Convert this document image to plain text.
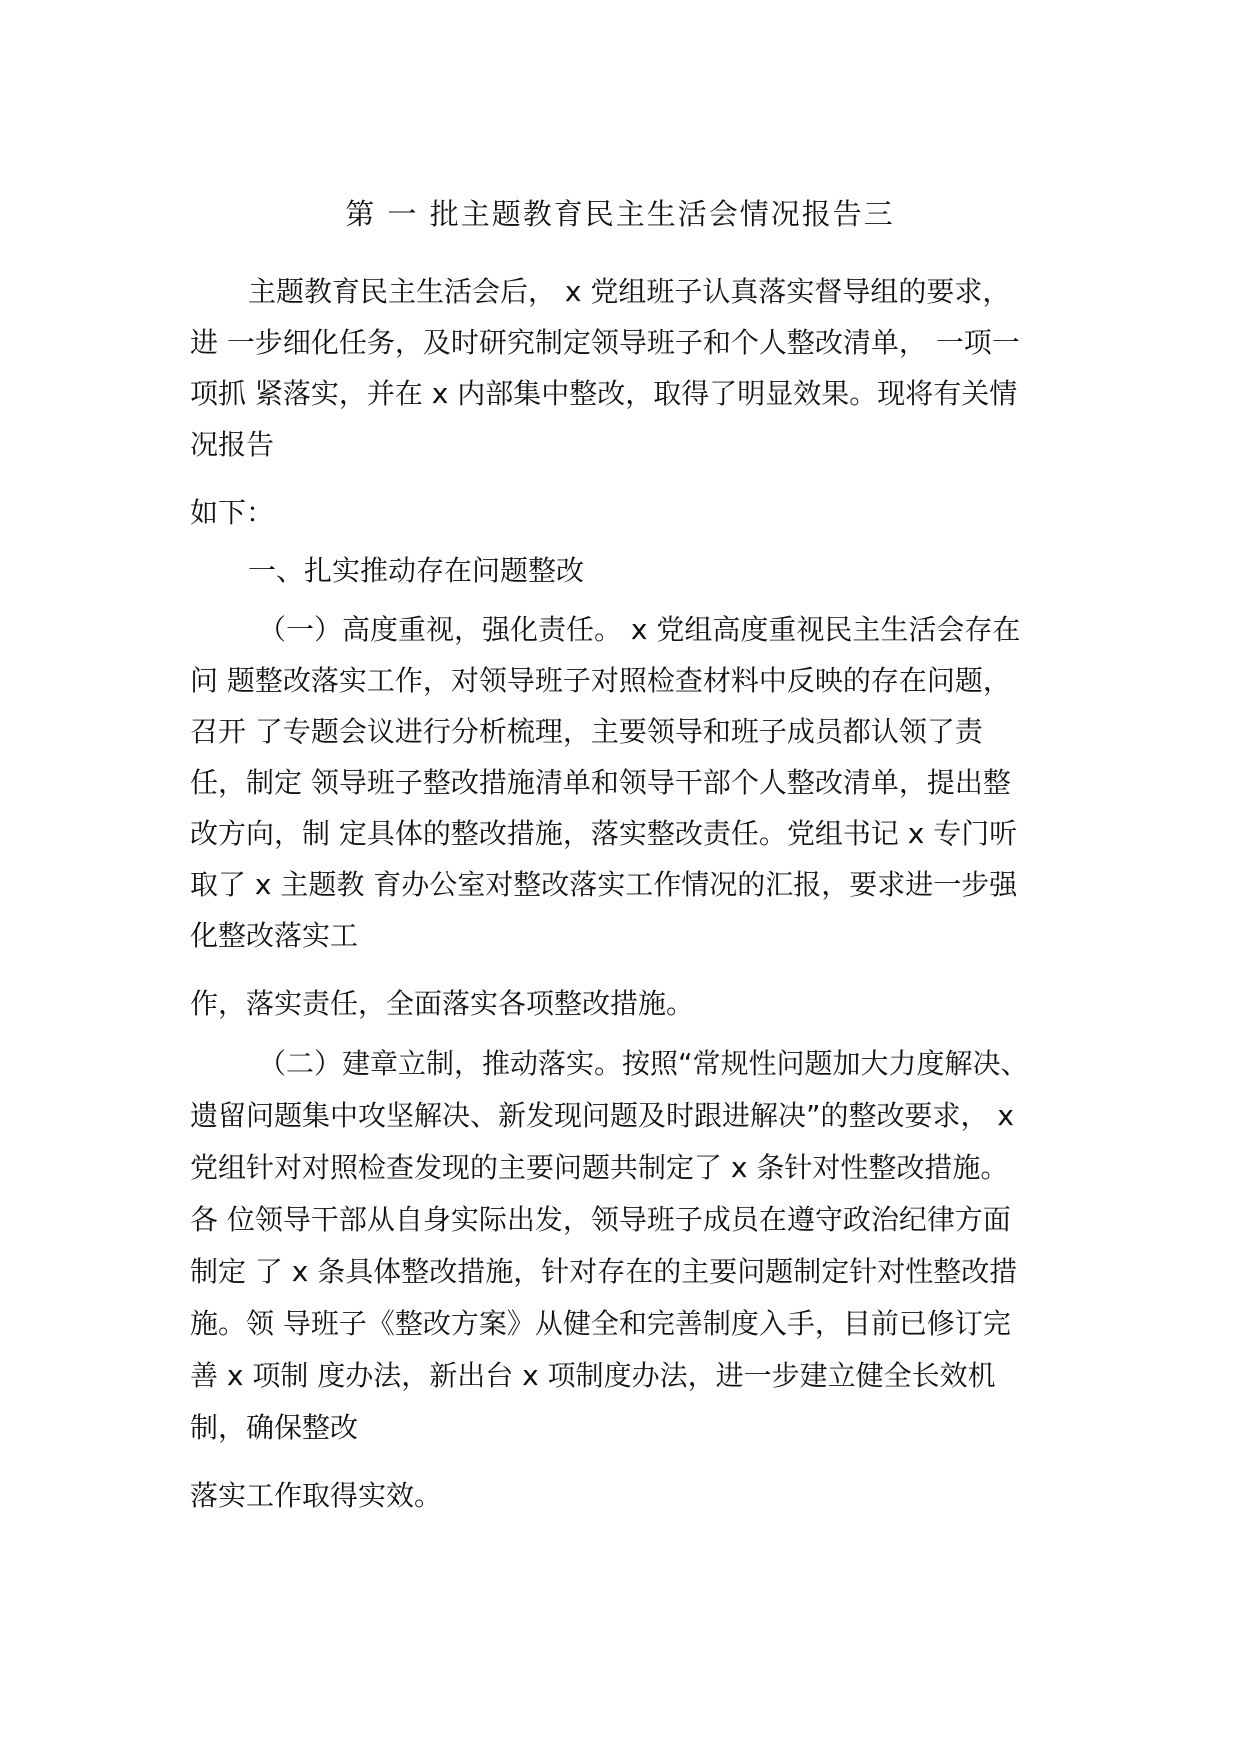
第 一 批主题教育民主生活会情况报告三
主题教育民主生活会后， x 党组班子认真落实督导组的要求，
进 一步细化任务，及时研究制定领导班子和个人整改清单， 一项一
项抓 紧落实，并在 x 内部集中整改，取得了明显效果。现将有关情
况报告
如下：
一、扎实推动存在问题整改
（一）高度重视，强化责任。 x 党组高度重视民主生活会存在
问 题整改落实工作，对领导班子对照检查材料中反映的存在问题，
召开 了专题会议进行分析梳理，主要领导和班子成员都认领了责
任，制定 领导班子整改措施清单和领导干部个人整改清单，提出整
改方向，制 定具体的整改措施，落实整改责任。党组书记 x 专门听
取了 x 主题教 育办公室对整改落实工作情况的汇报，要求进一步强
化整改落实工
作，落实责任，全面落实各项整改措施。
（二）建章立制，推动落实。按照“常规性问题加大力度解决、
遗留问题集中攻坚解决、新发现问题及时跟进解决”的整改要求， x
党组针对对照检查发现的主要问题共制定了 x 条针对性整改措施。
各 位领导干部从自身实际出发，领导班子成员在遵守政治纪律方面
制定 了 x 条具体整改措施，针对存在的主要问题制定针对性整改措
施。领 导班子《整改方案》从健全和完善制度入手，目前已修订完
善 x 项制 度办法，新出台 x 项制度办法，进一步建立健全长效机
制，确保整改
落实工作取得实效。
